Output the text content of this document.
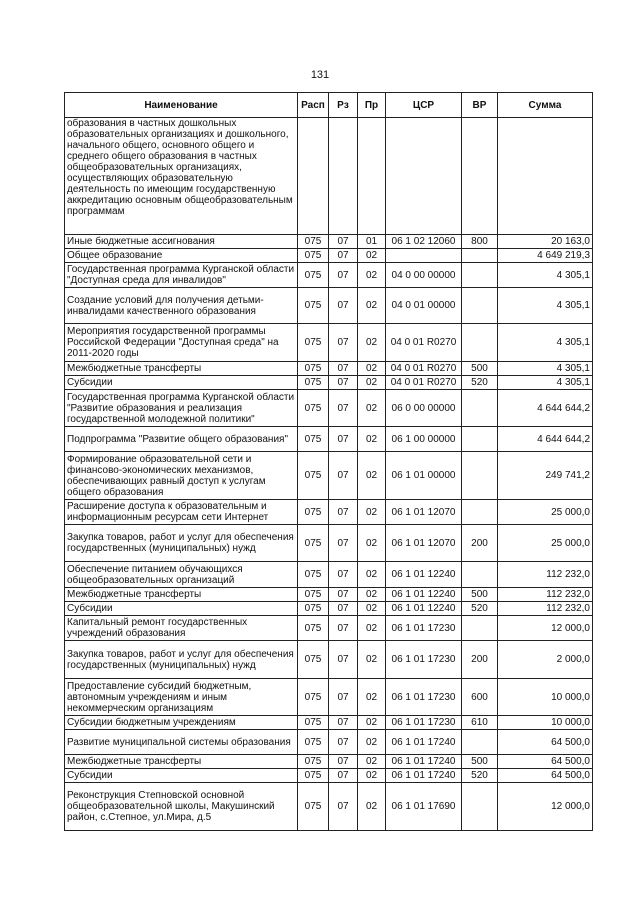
131
Наименование	Расп	Рз	Пр	ЦСР	ВР	Сумма
образования в частных дошкольных образовательных организациях и дошкольного, начального общего, основного общего и среднего общего образования в частных общеобразовательных организациях, осуществляющих образовательную деятельность по имеющим государственную аккредитацию основным общеобразовательным программам						
Иные бюджетные ассигнования	075	07	01	06 1 02 12060	800	20 163,0
Общее образование	075	07	02			4 649 219,3
Государственная программа Курганской области "Доступная среда для инвалидов"	075	07	02	04 0 00 00000		4 305,1
Создание условий для получения детьми-инвалидами качественного образования	075	07	02	04 0 01 00000		4 305,1
Мероприятия государственной программы Российской Федерации "Доступная среда" на 2011-2020 годы	075	07	02	04 0 01 R0270		4 305,1
Межбюджетные трансферты	075	07	02	04 0 01 R0270	500	4 305,1
Субсидии	075	07	02	04 0 01 R0270	520	4 305,1
Государственная программа Курганской области "Развитие образования и реализация государственной молодежной политики"	075	07	02	06 0 00 00000		4 644 644,2
Подпрограмма "Развитие общего образования"	075	07	02	06 1 00 00000		4 644 644,2
Формирование образовательной сети и финансово-экономических механизмов, обеспечивающих равный доступ к услугам общего образования	075	07	02	06 1 01 00000		249 741,2
Расширение доступа к образовательным и информационным ресурсам сети Интернет	075	07	02	06 1 01 12070		25 000,0
Закупка товаров, работ и услуг для обеспечения государственных (муниципальных) нужд	075	07	02	06 1 01 12070	200	25 000,0
Обеспечение питанием обучающихся общеобразовательных организаций	075	07	02	06 1 01 12240		112 232,0
Межбюджетные трансферты	075	07	02	06 1 01 12240	500	112 232,0
Субсидии	075	07	02	06 1 01 12240	520	112 232,0
Капитальный ремонт государственных учреждений образования	075	07	02	06 1 01 17230		12 000,0
Закупка товаров, работ и услуг для обеспечения государственных (муниципальных) нужд	075	07	02	06 1 01 17230	200	2 000,0
Предоставление субсидий бюджетным, автономным учреждениям и иным некоммерческим организациям	075	07	02	06 1 01 17230	600	10 000,0
Субсидии бюджетным учреждениям	075	07	02	06 1 01 17230	610	10 000,0
Развитие муниципальной системы образования	075	07	02	06 1 01 17240		64 500,0
Межбюджетные трансферты	075	07	02	06 1 01 17240	500	64 500,0
Субсидии	075	07	02	06 1 01 17240	520	64 500,0
Реконструкция Степновской основной общеобразовательной школы, Макушинский район, с.Степное, ул.Мира, д.5	075	07	02	06 1 01 17690		12 000,0
